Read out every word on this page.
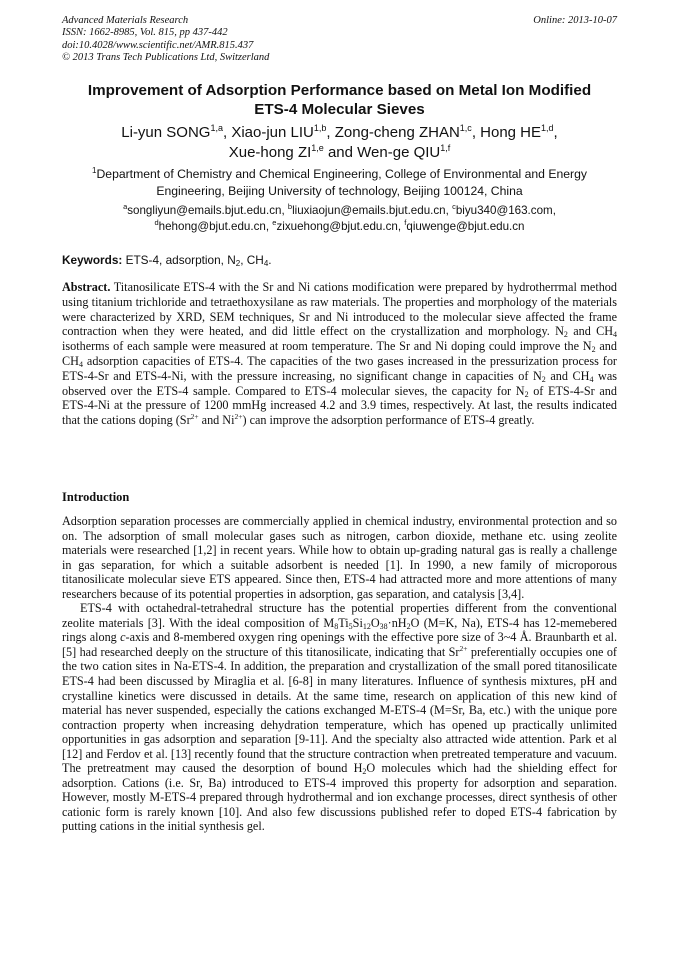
Advanced Materials Research
ISSN: 1662-8985, Vol. 815, pp 437-442
doi:10.4028/www.scientific.net/AMR.815.437
© 2013 Trans Tech Publications Ltd, Switzerland
Online: 2013-10-07
Improvement of Adsorption Performance based on Metal Ion Modified
ETS-4 Molecular Sieves
Li-yun SONG$^{1,a}$, Xiao-jun LIU$^{1,b}$, Zong-cheng ZHAN$^{1,c}$, Hong HE$^{1,d}$,
Xue-hong ZI$^{1,e}$ and Wen-ge QIU$^{1,f}$
$^1$Department of Chemistry and Chemical Engineering, College of Environmental and Energy
Engineering, Beijing University of technology, Beijing 100124, China
$^a$songliyun@emails.bjut.edu.cn, $^b$liuxiaojun@emails.bjut.edu.cn, $^c$biyu340@163.com,
$^d$hehong@bjut.edu.cn, $^e$zixuehong@bjut.edu.cn, $^f$qiuwenge@bjut.edu.cn
Keywords: ETS-4, adsorption, $N_2$, $CH_4$.
Abstract. Titanosilicate ETS-4 with the Sr and Ni cations modification were prepared by hydrotherrmal method using titanium trichloride and tetraethoxysilane as raw materials. The properties and morphology of the materials were characterized by XRD, SEM techniques, Sr and Ni introduced to the molecular sieve affected the frame contraction when they were heated, and did little effect on the crystallization and morphology. $N_2$ and $CH_4$ isotherms of each sample were measured at room temperature. The Sr and Ni doping could improve the $N_2$ and $CH_4$ adsorption capacities of ETS-4. The capacities of the two gases increased in the pressurization process for ETS-4-Sr and ETS-4-Ni, with the pressure increasing, no significant change in capacities of $N_2$ and $CH_4$ was observed over the ETS-4 sample. Compared to ETS-4 molecular sieves, the capacity for $N_2$ of ETS-4-Sr and ETS-4-Ni at the pressure of 1200 mmHg increased 4.2 and 3.9 times, respectively. At last, the results indicated that the cations doping ($Sr^{2+}$ and $Ni^{2+}$) can improve the adsorption performance of ETS-4 greatly.
Introduction

Adsorption separation processes are commercially applied in chemical industry, environmental protection and so on. The adsorption of small molecular gases such as nitrogen, carbon dioxide, methane etc. using zeolite materials were researched [1,2] in recent years. While how to obtain up-grading natural gas is really a challenge in gas separation, for which a suitable adsorbent is needed [1]. In 1990, a new family of microporous titanosilicate molecular sieve ETS appeared. Since then, ETS-4 had attracted more and more attentions of many researchers because of its potential properties in adsorption, gas separation, and catalysis [3,4].

ETS-4 with octahedral-tetrahedral structure has the potential properties different from the conventional zeolite materials [3]. With the ideal composition of $M_8Ti_5Si_{12}O_{38}\cdot nH_2O$ (M=K, Na), ETS-4 has 12-memebered rings along c-axis and 8-membered oxygen ring openings with the effective pore size of 3~4 Å. Braunbarth et al. [5] had researched deeply on the structure of this titanosilicate, indicating that $Sr^{2+}$ preferentially occupies one of the two cation sites in Na-ETS-4. In addition, the preparation and crystallization of the small pored titanosilicate ETS-4 had been discussed by Miraglia et al. [6-8] in many literatures. Influence of synthesis mixtures, pH and crystalline kinetics were discussed in details. At the same time, research on application of this new kind of material has never suspended, especially the cations exchanged M-ETS-4 (M=Sr, Ba, etc.) with the unique pore contraction property when increasing dehydration temperature, which has opened up practically unlimited opportunities in gas adsorption and separation [9-11]. And the specialty also attracted wide attention. Park et al [12] and Ferdov et al. [13] recently found that the structure contraction when pretreated temperature and vacuum. The pretreatment may caused the desorption of bound $H_2O$ molecules which had the shielding effect for adsorption. Cations (i.e. Sr, Ba) introduced to ETS-4 improved this property for adsorption and separation. However, mostly M-ETS-4 prepared through hydrothermal and ion exchange processes, direct synthesis of other cationic form is rarely known [10]. And also few discussions published refer to doped ETS-4 fabrication by putting cations in the initial synthesis gel.
